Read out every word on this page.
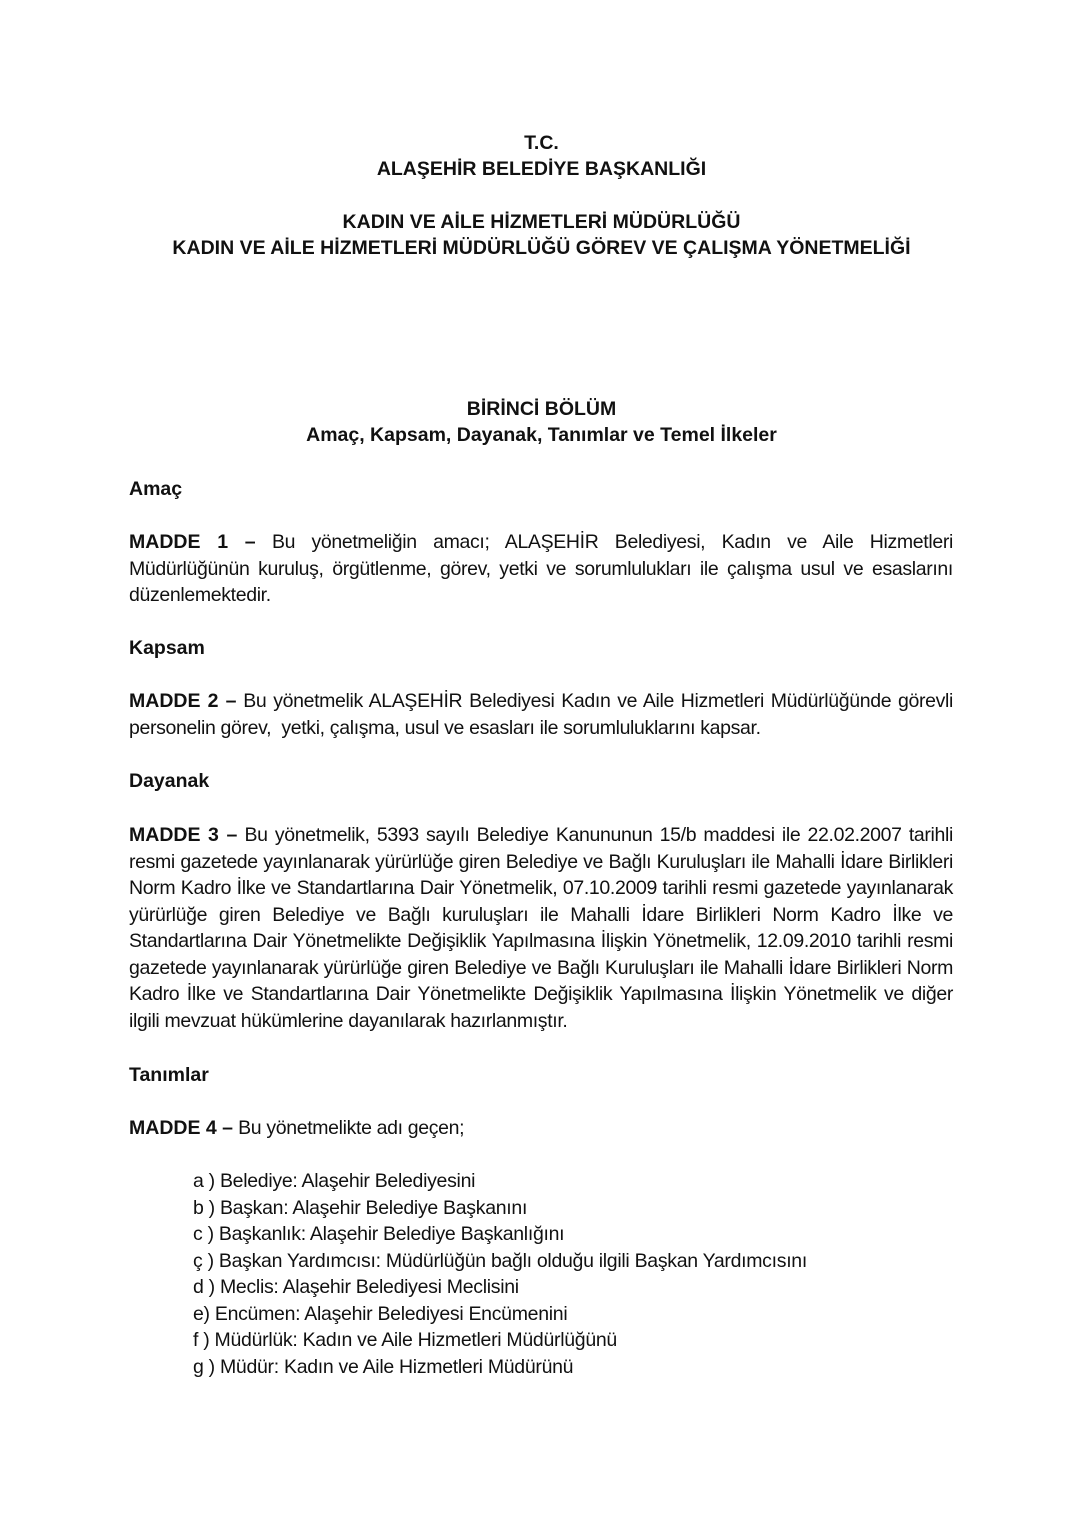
T.C.
ALAŞEHİR BELEDİYE BAŞKANLIĞI
KADIN VE AİLE HİZMETLERİ MÜDÜRLÜĞÜ
KADIN VE AİLE HİZMETLERİ MÜDÜRLÜĞÜ GÖREV VE ÇALIŞMA YÖNETMELİĞİ
BİRİNCİ BÖLÜM
Amaç, Kapsam, Dayanak, Tanımlar ve Temel İlkeler
Amaç
MADDE 1 – Bu yönetmeliğin amacı; ALAŞEHİR Belediyesi, Kadın ve Aile Hizmetleri Müdürlüğünün kuruluş, örgütlenme, görev, yetki ve sorumlulukları ile çalışma usul ve esaslarını düzenlemektedir.
Kapsam
MADDE 2 – Bu yönetmelik ALAŞEHİR Belediyesi Kadın ve Aile Hizmetleri Müdürlüğünde görevli personelin görev,  yetki, çalışma, usul ve esasları ile sorumluluklarını kapsar.
Dayanak
MADDE 3 – Bu yönetmelik, 5393 sayılı Belediye Kanununun 15/b maddesi ile 22.02.2007 tarihli resmi gazetede yayınlanarak yürürlüğe giren Belediye ve Bağlı Kuruluşları ile Mahalli İdare Birlikleri Norm Kadro İlke ve Standartlarına Dair Yönetmelik, 07.10.2009 tarihli resmi gazetede yayınlanarak yürürlüğe giren Belediye ve Bağlı kuruluşları ile Mahalli İdare Birlikleri Norm Kadro İlke ve Standartlarına Dair Yönetmelikte Değişiklik Yapılmasına İlişkin Yönetmelik, 12.09.2010 tarihli resmi gazetede yayınlanarak yürürlüğe giren Belediye ve Bağlı Kuruluşları ile Mahalli İdare Birlikleri Norm Kadro İlke ve Standartlarına Dair Yönetmelikte Değişiklik Yapılmasına İlişkin Yönetmelik ve diğer ilgili mevzuat hükümlerine dayanılarak hazırlanmıştır.
Tanımlar
MADDE 4 – Bu yönetmelikte adı geçen;
a ) Belediye: Alaşehir Belediyesini
b ) Başkan: Alaşehir Belediye Başkanını
c ) Başkanlık: Alaşehir Belediye Başkanlığını
ç ) Başkan Yardımcısı: Müdürlüğün bağlı olduğu ilgili Başkan Yardımcısını
d ) Meclis: Alaşehir Belediyesi Meclisini
e) Encümen: Alaşehir Belediyesi Encümenini
f ) Müdürlük: Kadın ve Aile Hizmetleri Müdürlüğünü
g ) Müdür: Kadın ve Aile Hizmetleri Müdürünü
